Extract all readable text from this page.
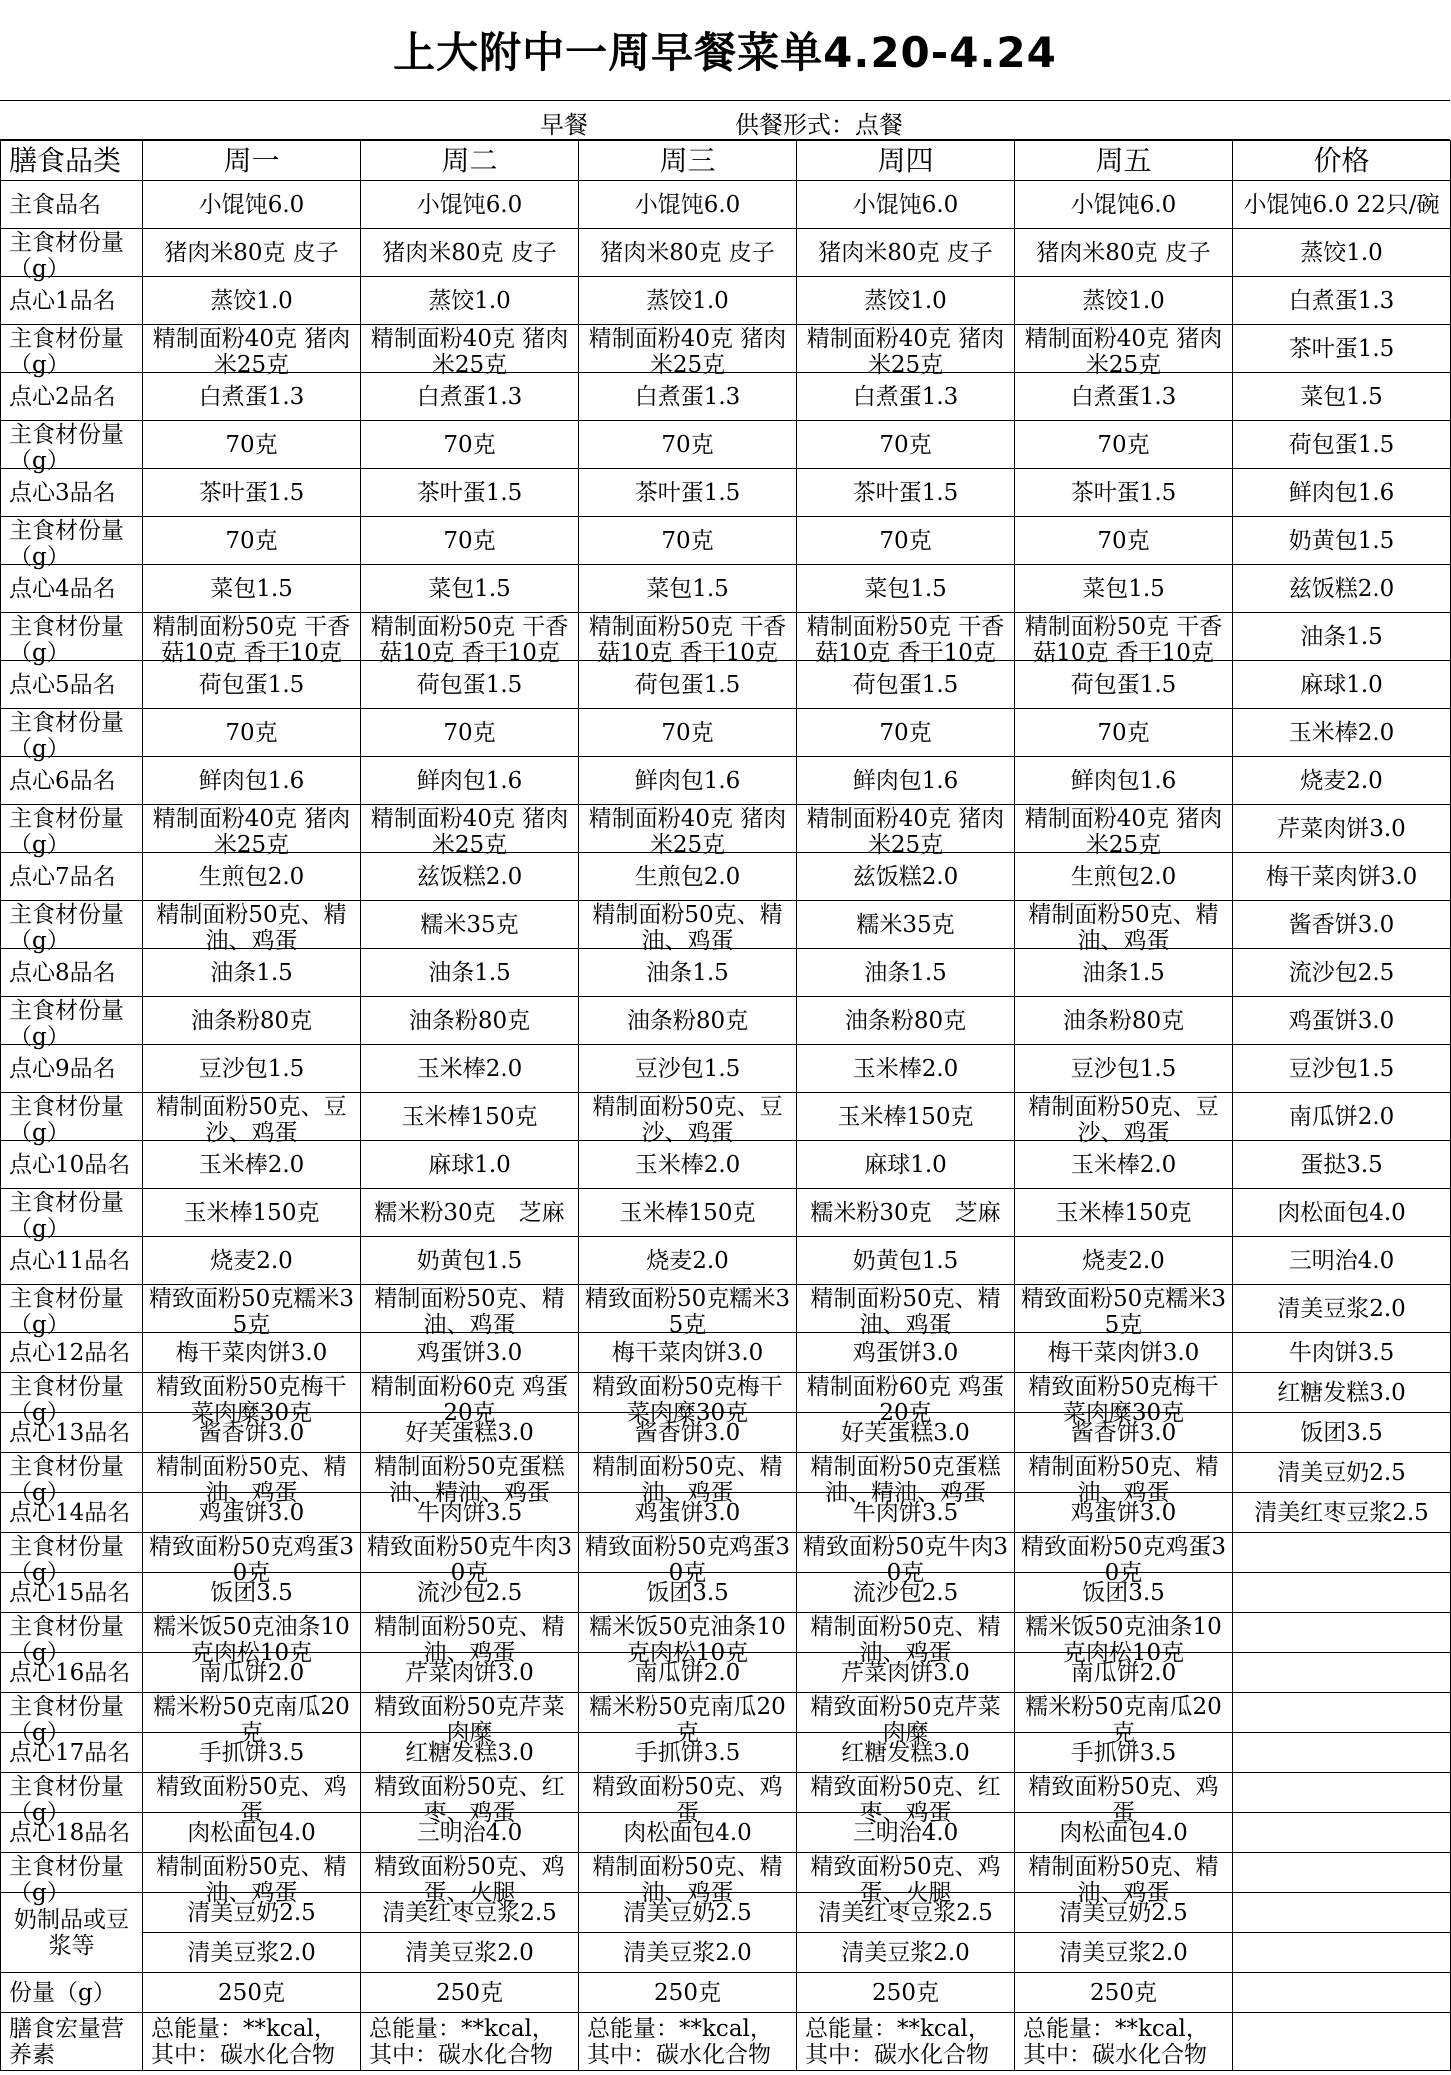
上大附中一周早餐菜单4.20-4.24
早餐	供餐形式：点餐
膳食品类	周一	周二	周三	周四	周五	价格

主食品名	小馄饨6.0	小馄饨6.0	小馄饨6.0	小馄饨6.0	小馄饨6.0	小馄饨6.0 22只/碗

主食材份量（g）	猪肉米80克 皮子	猪肉米80克 皮子	猪肉米80克 皮子	猪肉米80克 皮子	猪肉米80克 皮子	蒸饺1.0

点心1品名	蒸饺1.0	蒸饺1.0	蒸饺1.0	蒸饺1.0	蒸饺1.0	白煮蛋1.3

主食材份量（g）	精制面粉40克 猪肉米25克	精制面粉40克 猪肉米25克	精制面粉40克 猪肉米25克	精制面粉40克 猪肉米25克	精制面粉40克 猪肉米25克	茶叶蛋1.5

点心2品名	白煮蛋1.3	白煮蛋1.3	白煮蛋1.3	白煮蛋1.3	白煮蛋1.3	菜包1.5

主食材份量（g）	70克	70克	70克	70克	70克	荷包蛋1.5

点心3品名	茶叶蛋1.5	茶叶蛋1.5	茶叶蛋1.5	茶叶蛋1.5	茶叶蛋1.5	鲜肉包1.6

主食材份量（g）	70克	70克	70克	70克	70克	奶黄包1.5

点心4品名	菜包1.5	菜包1.5	菜包1.5	菜包1.5	菜包1.5	兹饭糕2.0

主食材份量（g）	精制面粉50克 干香菇10克 香干10克	精制面粉50克 干香菇10克 香干10克	精制面粉50克 干香菇10克 香干10克	精制面粉50克 干香菇10克 香干10克	精制面粉50克 干香菇10克 香干10克	油条1.5

点心5品名	荷包蛋1.5	荷包蛋1.5	荷包蛋1.5	荷包蛋1.5	荷包蛋1.5	麻球1.0

主食材份量（g）	70克	70克	70克	70克	70克	玉米棒2.0

点心6品名	鲜肉包1.6	鲜肉包1.6	鲜肉包1.6	鲜肉包1.6	鲜肉包1.6	烧麦2.0

主食材份量（g）	精制面粉40克 猪肉米25克	精制面粉40克 猪肉米25克	精制面粉40克 猪肉米25克	精制面粉40克 猪肉米25克	精制面粉40克 猪肉米25克	芹菜肉饼3.0

点心7品名	生煎包2.0	兹饭糕2.0	生煎包2.0	兹饭糕2.0	生煎包2.0	梅干菜肉饼3.0

主食材份量（g）	精制面粉50克、精油、鸡蛋	糯米35克	精制面粉50克、精油、鸡蛋	糯米35克	精制面粉50克、精油、鸡蛋	酱香饼3.0

点心8品名	油条1.5	油条1.5	油条1.5	油条1.5	油条1.5	流沙包2.5

主食材份量（g）	油条粉80克	油条粉80克	油条粉80克	油条粉80克	油条粉80克	鸡蛋饼3.0

点心9品名	豆沙包1.5	玉米棒2.0	豆沙包1.5	玉米棒2.0	豆沙包1.5	豆沙包1.5

主食材份量（g）	精制面粉50克、豆沙、鸡蛋	玉米棒150克	精制面粉50克、豆沙、鸡蛋	玉米棒150克	精制面粉50克、豆沙、鸡蛋	南瓜饼2.0

点心10品名	玉米棒2.0	麻球1.0	玉米棒2.0	麻球1.0	玉米棒2.0	蛋挞3.5

主食材份量（g）	玉米棒150克	糯米粉30克　芝麻	玉米棒150克	糯米粉30克　芝麻	玉米棒150克	肉松面包4.0

点心11品名	烧麦2.0	奶黄包1.5	烧麦2.0	奶黄包1.5	烧麦2.0	三明治4.0

主食材份量（g）	精致面粉50克糯米35克	精制面粉50克、精油、鸡蛋	精致面粉50克糯米35克	精制面粉50克、精油、鸡蛋	精致面粉50克糯米35克	清美豆浆2.0

点心12品名	梅干菜肉饼3.0	鸡蛋饼3.0	梅干菜肉饼3.0	鸡蛋饼3.0	梅干菜肉饼3.0	牛肉饼3.5

主食材份量（g）	精致面粉50克梅干菜肉糜30克	精制面粉60克 鸡蛋20克	精致面粉50克梅干菜肉糜30克	精制面粉60克 鸡蛋20克	精致面粉50克梅干菜肉糜30克	红糖发糕3.0

点心13品名	酱香饼3.0	好芙蛋糕3.0	酱香饼3.0	好芙蛋糕3.0	酱香饼3.0	饭团3.5

主食材份量（g）	精制面粉50克、精油、鸡蛋	精制面粉50克蛋糕油、精油、鸡蛋	精制面粉50克、精油、鸡蛋	精制面粉50克蛋糕油、精油、鸡蛋	精制面粉50克、精油、鸡蛋	清美豆奶2.5

点心14品名	鸡蛋饼3.0	牛肉饼3.5	鸡蛋饼3.0	牛肉饼3.5	鸡蛋饼3.0	清美红枣豆浆2.5

主食材份量（g）	精致面粉50克鸡蛋30克	精致面粉50克牛肉30克	精致面粉50克鸡蛋30克	精致面粉50克牛肉30克	精致面粉50克鸡蛋30克	

点心15品名	饭团3.5	流沙包2.5	饭团3.5	流沙包2.5	饭团3.5	

主食材份量（g）	糯米饭50克油条10克肉松10克	精制面粉50克、精油、鸡蛋	糯米饭50克油条10克肉松10克	精制面粉50克、精油、鸡蛋	糯米饭50克油条10克肉松10克	

点心16品名	南瓜饼2.0	芹菜肉饼3.0	南瓜饼2.0	芹菜肉饼3.0	南瓜饼2.0	

主食材份量（g）	糯米粉50克南瓜20克	精致面粉50克芹菜肉糜	糯米粉50克南瓜20克	精致面粉50克芹菜肉糜	糯米粉50克南瓜20克	

点心17品名	手抓饼3.5	红糖发糕3.0	手抓饼3.5	红糖发糕3.0	手抓饼3.5	

主食材份量（g）	精致面粉50克、鸡蛋	精致面粉50克、红枣、鸡蛋	精致面粉50克、鸡蛋	精致面粉50克、红枣、鸡蛋	精致面粉50克、鸡蛋	

点心18品名	肉松面包4.0	三明治4.0	肉松面包4.0	三明治4.0	肉松面包4.0	

主食材份量（g）	精制面粉50克、精油、鸡蛋	精致面粉50克、鸡蛋、火腿	精制面粉50克、精油、鸡蛋	精致面粉50克、鸡蛋、火腿	精制面粉50克、精油、鸡蛋	

奶制品或豆浆等	清美豆奶2.5	清美红枣豆浆2.5	清美豆奶2.5	清美红枣豆浆2.5	清美豆奶2.5	

	清美豆浆2.0	清美豆浆2.0	清美豆浆2.0	清美豆浆2.0	清美豆浆2.0	

份量（g）	250克	250克	250克	250克	250克	

膳食宏量营养素	总能量：**kcal，其中：碳水化合物	总能量：**kcal，其中：碳水化合物	总能量：**kcal，其中：碳水化合物	总能量：**kcal，其中：碳水化合物	总能量：**kcal，其中：碳水化合物	
